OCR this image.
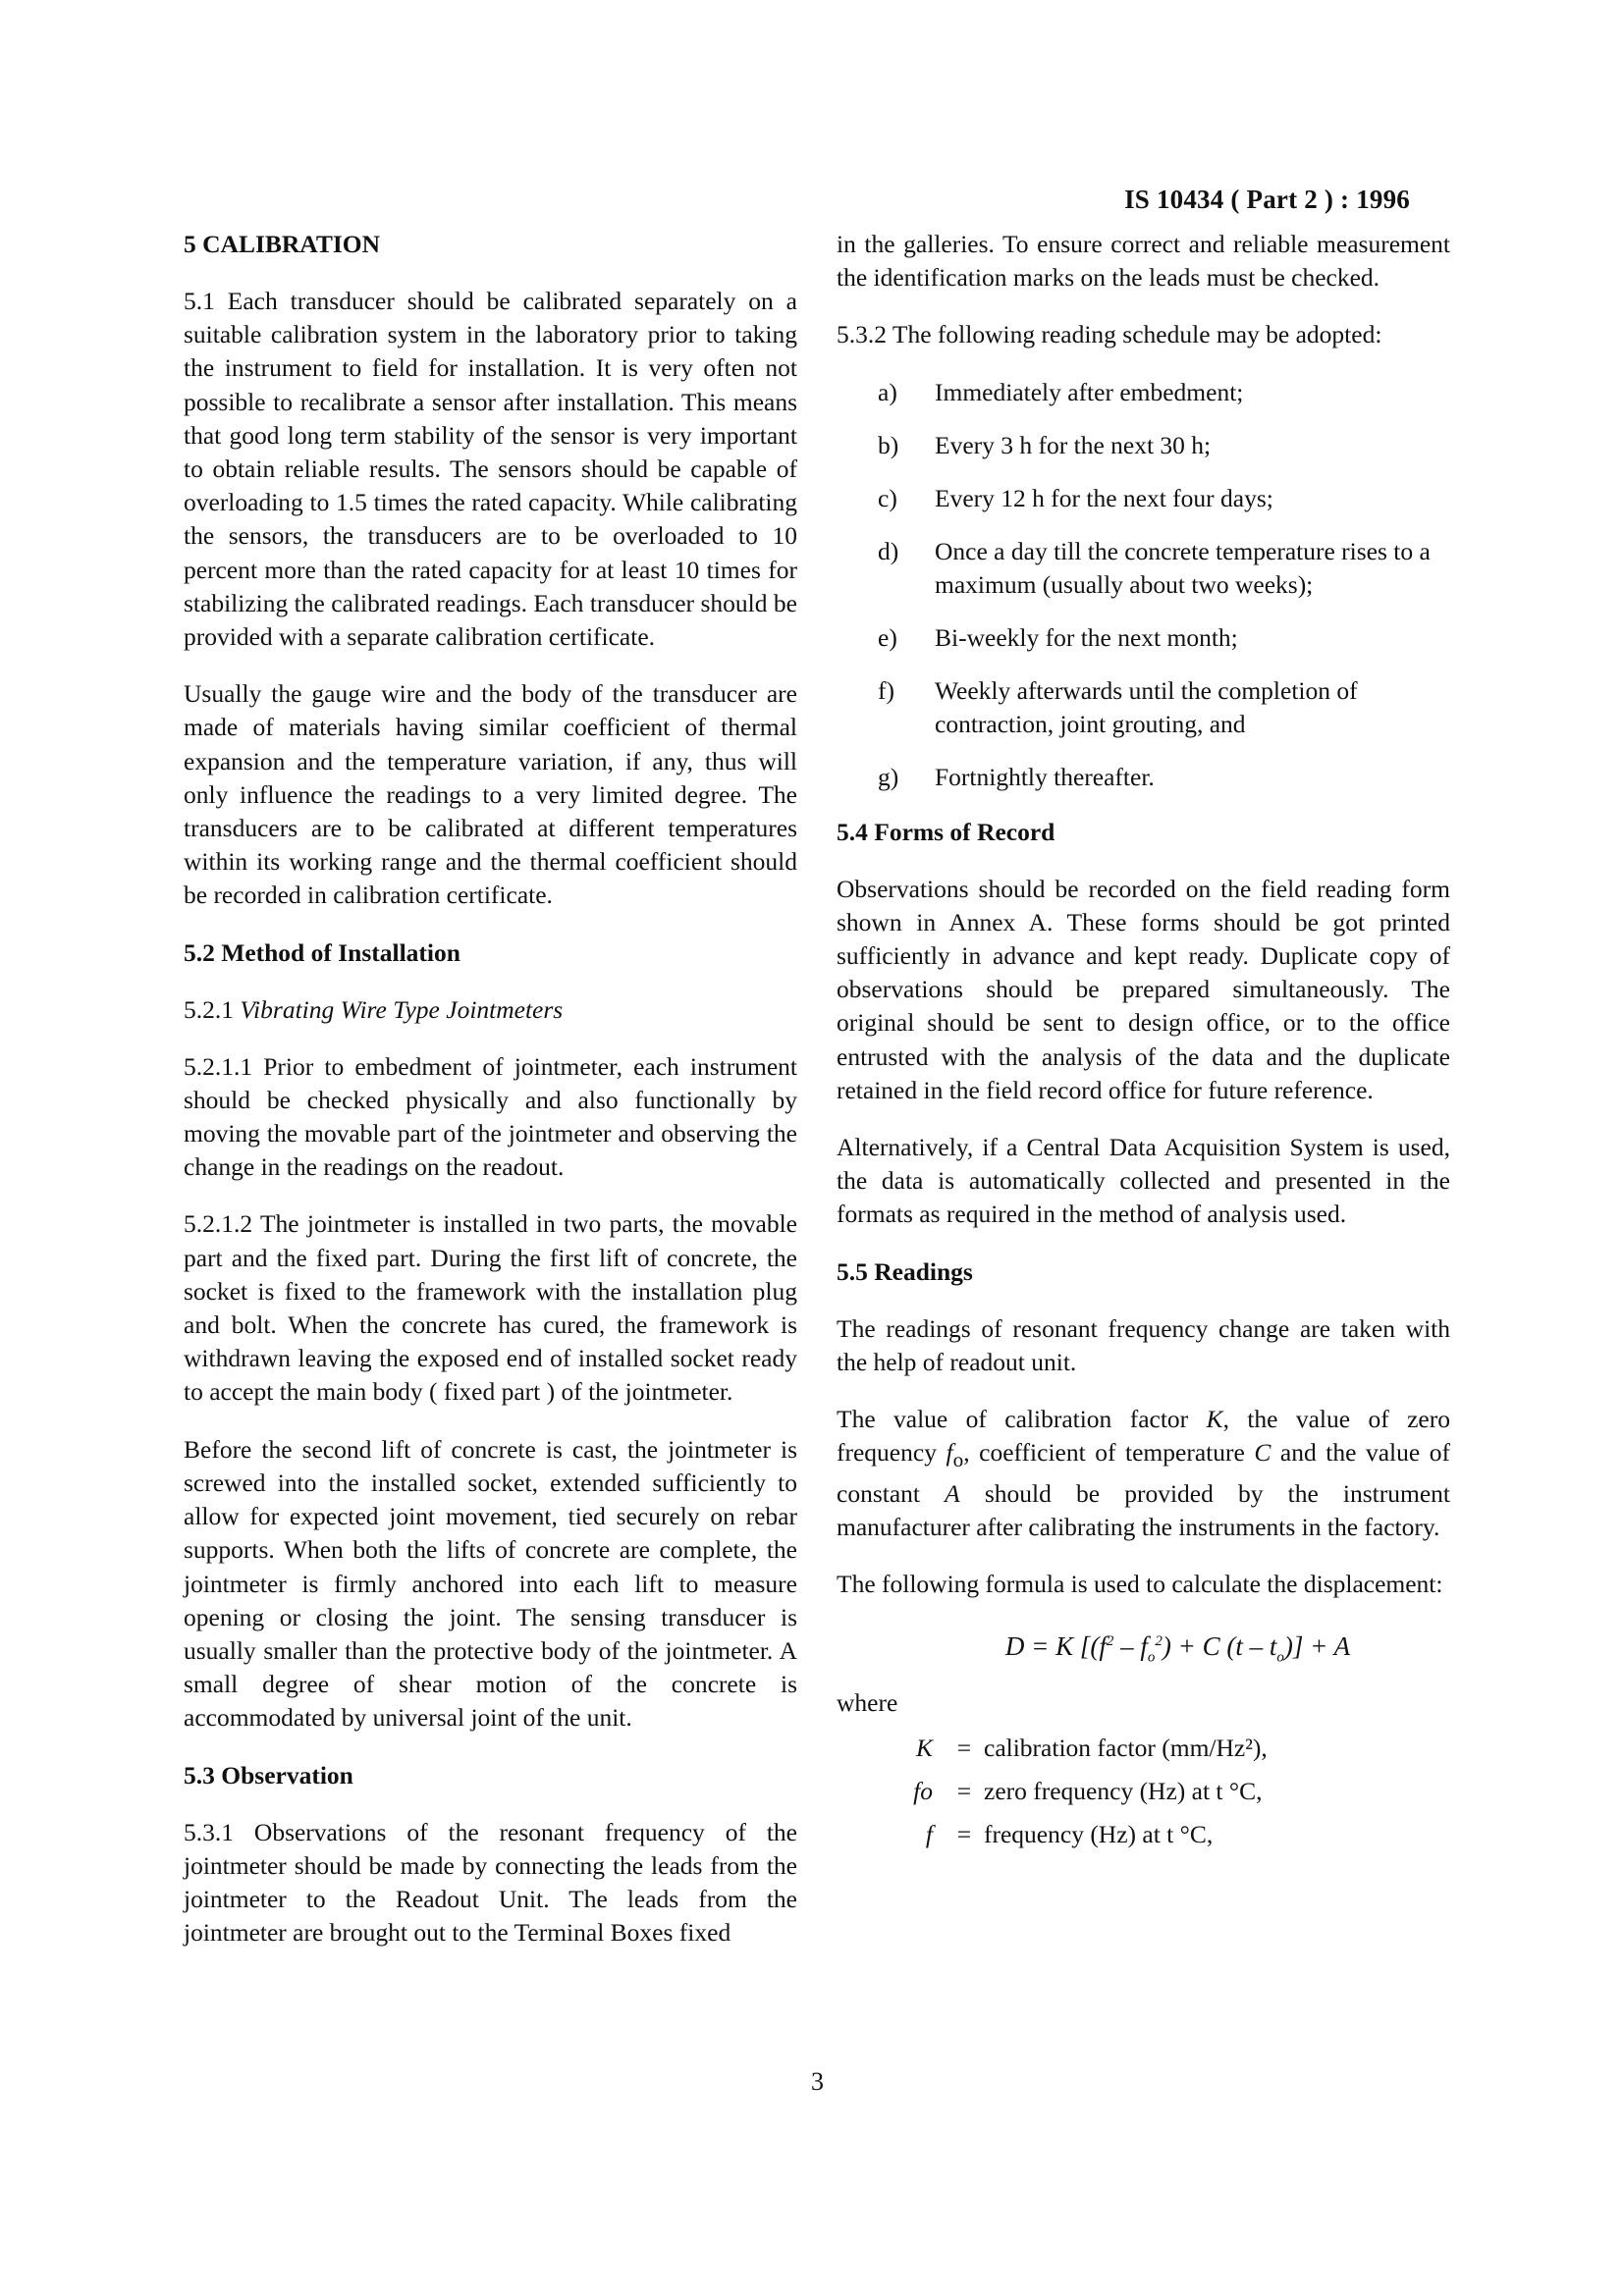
IS 10434 ( Part 2 ) : 1996
5 CALIBRATION

5.1 Each transducer should be calibrated separately on a suitable calibration system in the laboratory prior to taking the instrument to field for installation. It is very often not possible to recalibrate a sensor after installation. This means that good long term stability of the sensor is very important to obtain reliable results. The sensors should be capable of overloading to 1.5 times the rated capacity. While calibrating the sensors, the transducers are to be overloaded to 10 percent more than the rated capacity for at least 10 times for stabilizing the calibrated readings. Each transducer should be provided with a separate calibration certificate.

Usually the gauge wire and the body of the transducer are made of materials having similar coefficient of thermal expansion and the temperature variation, if any, thus will only influence the readings to a very limited degree. The transducers are to be calibrated at different temperatures within its working range and the thermal coefficient should be recorded in calibration certificate.

5.2 Method of Installation
5.2.1 Vibrating Wire Type Jointmeters

5.2.1.1 Prior to embedment of jointmeter, each instrument should be checked physically and also functionally by moving the movable part of the jointmeter and observing the change in the readings on the readout.

5.2.1.2 The jointmeter is installed in two parts, the movable part and the fixed part. During the first lift of concrete, the socket is fixed to the framework with the installation plug and bolt. When the concrete has cured, the framework is withdrawn leaving the exposed end of installed socket ready to accept the main body ( fixed part ) of the jointmeter.

Before the second lift of concrete is cast, the jointmeter is screwed into the installed socket, extended sufficiently to allow for expected joint movement, tied securely on rebar supports. When both the lifts of concrete are complete, the jointmeter is firmly anchored into each lift to measure opening or closing the joint. The sensing transducer is usually smaller than the protective body of the jointmeter. A small degree of shear motion of the concrete is accommodated by universal joint of the unit.

5.3 Observation

5.3.1 Observations of the resonant frequency of the jointmeter should be made by connecting the leads from the jointmeter to the Readout Unit. The leads from the jointmeter are brought out to the Terminal Boxes fixed

in the galleries. To ensure correct and reliable measurement the identification marks on the leads must be checked.

5.3.2 The following reading schedule may be adopted:

a)	Immediately after embedment;
b)	Every 3 h for the next 30 h;
c)	Every 12 h for the next four days;
d)	Once a day till the concrete temperature rises to a maximum (usually about two weeks);
e)	Bi-weekly for the next month;
f)	Weekly afterwards until the completion of contraction, joint grouting, and
g)	Fortnightly thereafter.
5.4 Forms of Record

Observations should be recorded on the field reading form shown in Annex A. These forms should be got printed sufficiently in advance and kept ready. Duplicate copy of observations should be prepared simultaneously. The original should be sent to design office, or to the office entrusted with the analysis of the data and the duplicate retained in the field record office for future reference.

Alternatively, if a Central Data Acquisition System is used, the data is automatically collected and presented in the formats as required in the method of analysis used.

5.5 Readings

The readings of resonant frequency change are taken with the help of readout unit.

The value of calibration factor K, the value of zero frequency $f_o$, coefficient of temperature C and the value of constant A should be provided by the instrument manufacturer after calibrating the instruments in the factory.

The following formula is used to calculate the displacement:

D = K [$(f^2 - f_o^2) + C$ $(t - t_o)] + A$
where
K = calibration factor (mm/Hz²),
fo = zero frequency (Hz) at t °C,
f = frequency (Hz) at t °C,
3
